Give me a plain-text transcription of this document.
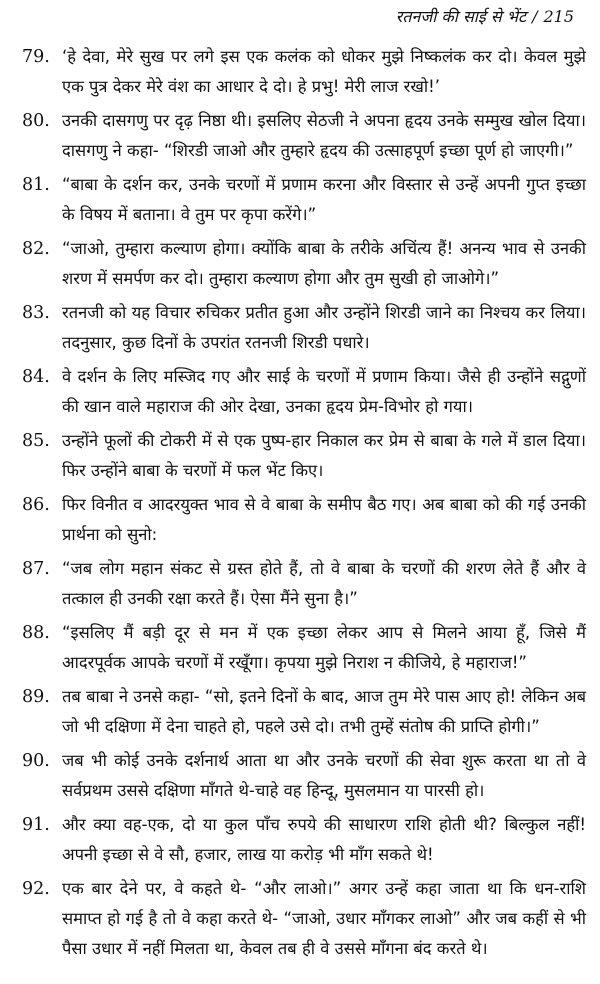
रतनजी की साई से भेंट / 215
79. ‘हे देवा, मेरे सुख पर लगे इस एक कलंक को धोकर मुझे निष्कलंक कर दो। केवल मुझे एक पुत्र देकर मेरे वंश का आधार दे दो। हे प्रभु! मेरी लाज रखो!’
80. उनकी दासगणु पर दृढ़ निष्ठा थी। इसलिए सेठजी ने अपना हृदय उनके सम्मुख खोल दिया। दासगणु ने कहा- “शिरडी जाओ और तुम्हारे हृदय की उत्साहपूर्ण इच्छा पूर्ण हो जाएगी।”
81. “बाबा के दर्शन कर, उनके चरणों में प्रणाम करना और विस्तार से उन्हें अपनी गुप्त इच्छा के विषय में बताना। वे तुम पर कृपा करेंगे।”
82. “जाओ, तुम्हारा कल्याण होगा। क्योंकि बाबा के तरीके अचिंत्य हैं! अनन्य भाव से उनकी शरण में समर्पण कर दो। तुम्हारा कल्याण होगा और तुम सुखी हो जाओगे।”
83. रतनजी को यह विचार रुचिकर प्रतीत हुआ और उन्होंने शिरडी जाने का निश्चय कर लिया। तदनुसार, कुछ दिनों के उपरांत रतनजी शिरडी पधारे।
84. वे दर्शन के लिए मस्जिद गए और साई के चरणों में प्रणाम किया। जैसे ही उन्होंने सद्गुणों की खान वाले महाराज की ओर देखा, उनका हृदय प्रेम-विभोर हो गया।
85. उन्होंने फूलों की टोकरी में से एक पुष्प-हार निकाल कर प्रेम से बाबा के गले में डाल दिया। फिर उन्होंने बाबा के चरणों में फल भेंट किए।
86. फिर विनीत व आदरयुक्त भाव से वे बाबा के समीप बैठ गए। अब बाबा को की गई उनकी प्रार्थना को सुनो:
87. “जब लोग महान संकट से ग्रस्त होते हैं, तो वे बाबा के चरणों की शरण लेते हैं और वे तत्काल ही उनकी रक्षा करते हैं। ऐसा मैंने सुना है।”
88. “इसलिए मैं बड़ी दूर से मन में एक इच्छा लेकर आप से मिलने आया हूँ, जिसे मैं आदरपूर्वक आपके चरणों में रखूँगा। कृपया मुझे निराश न कीजिये, हे महाराज!”
89. तब बाबा ने उनसे कहा- “सो, इतने दिनों के बाद, आज तुम मेरे पास आए हो! लेकिन अब जो भी दक्षिणा में देना चाहते हो, पहले उसे दो। तभी तुम्हें संतोष की प्राप्ति होगी।”
90. जब भी कोई उनके दर्शनार्थ आता था और उनके चरणों की सेवा शुरू करता था तो वे सर्वप्रथम उससे दक्षिणा माँगते थे-चाहे वह हिन्दू, मुसलमान या पारसी हो।
91. और क्या वह-एक, दो या कुल पाँच रुपये की साधारण राशि होती थी? बिल्कुल नहीं! अपनी इच्छा से वे सौ, हजार, लाख या करोड़ भी माँग सकते थे!
92. एक बार देने पर, वे कहते थे- “और लाओ।” अगर उन्हें कहा जाता था कि धन-राशि समाप्त हो गई है तो वे कहा करते थे- “जाओ, उधार माँगकर लाओ” और जब कहीं से भी पैसा उधार में नहीं मिलता था, केवल तब ही वे उससे माँगना बंद करते थे।
